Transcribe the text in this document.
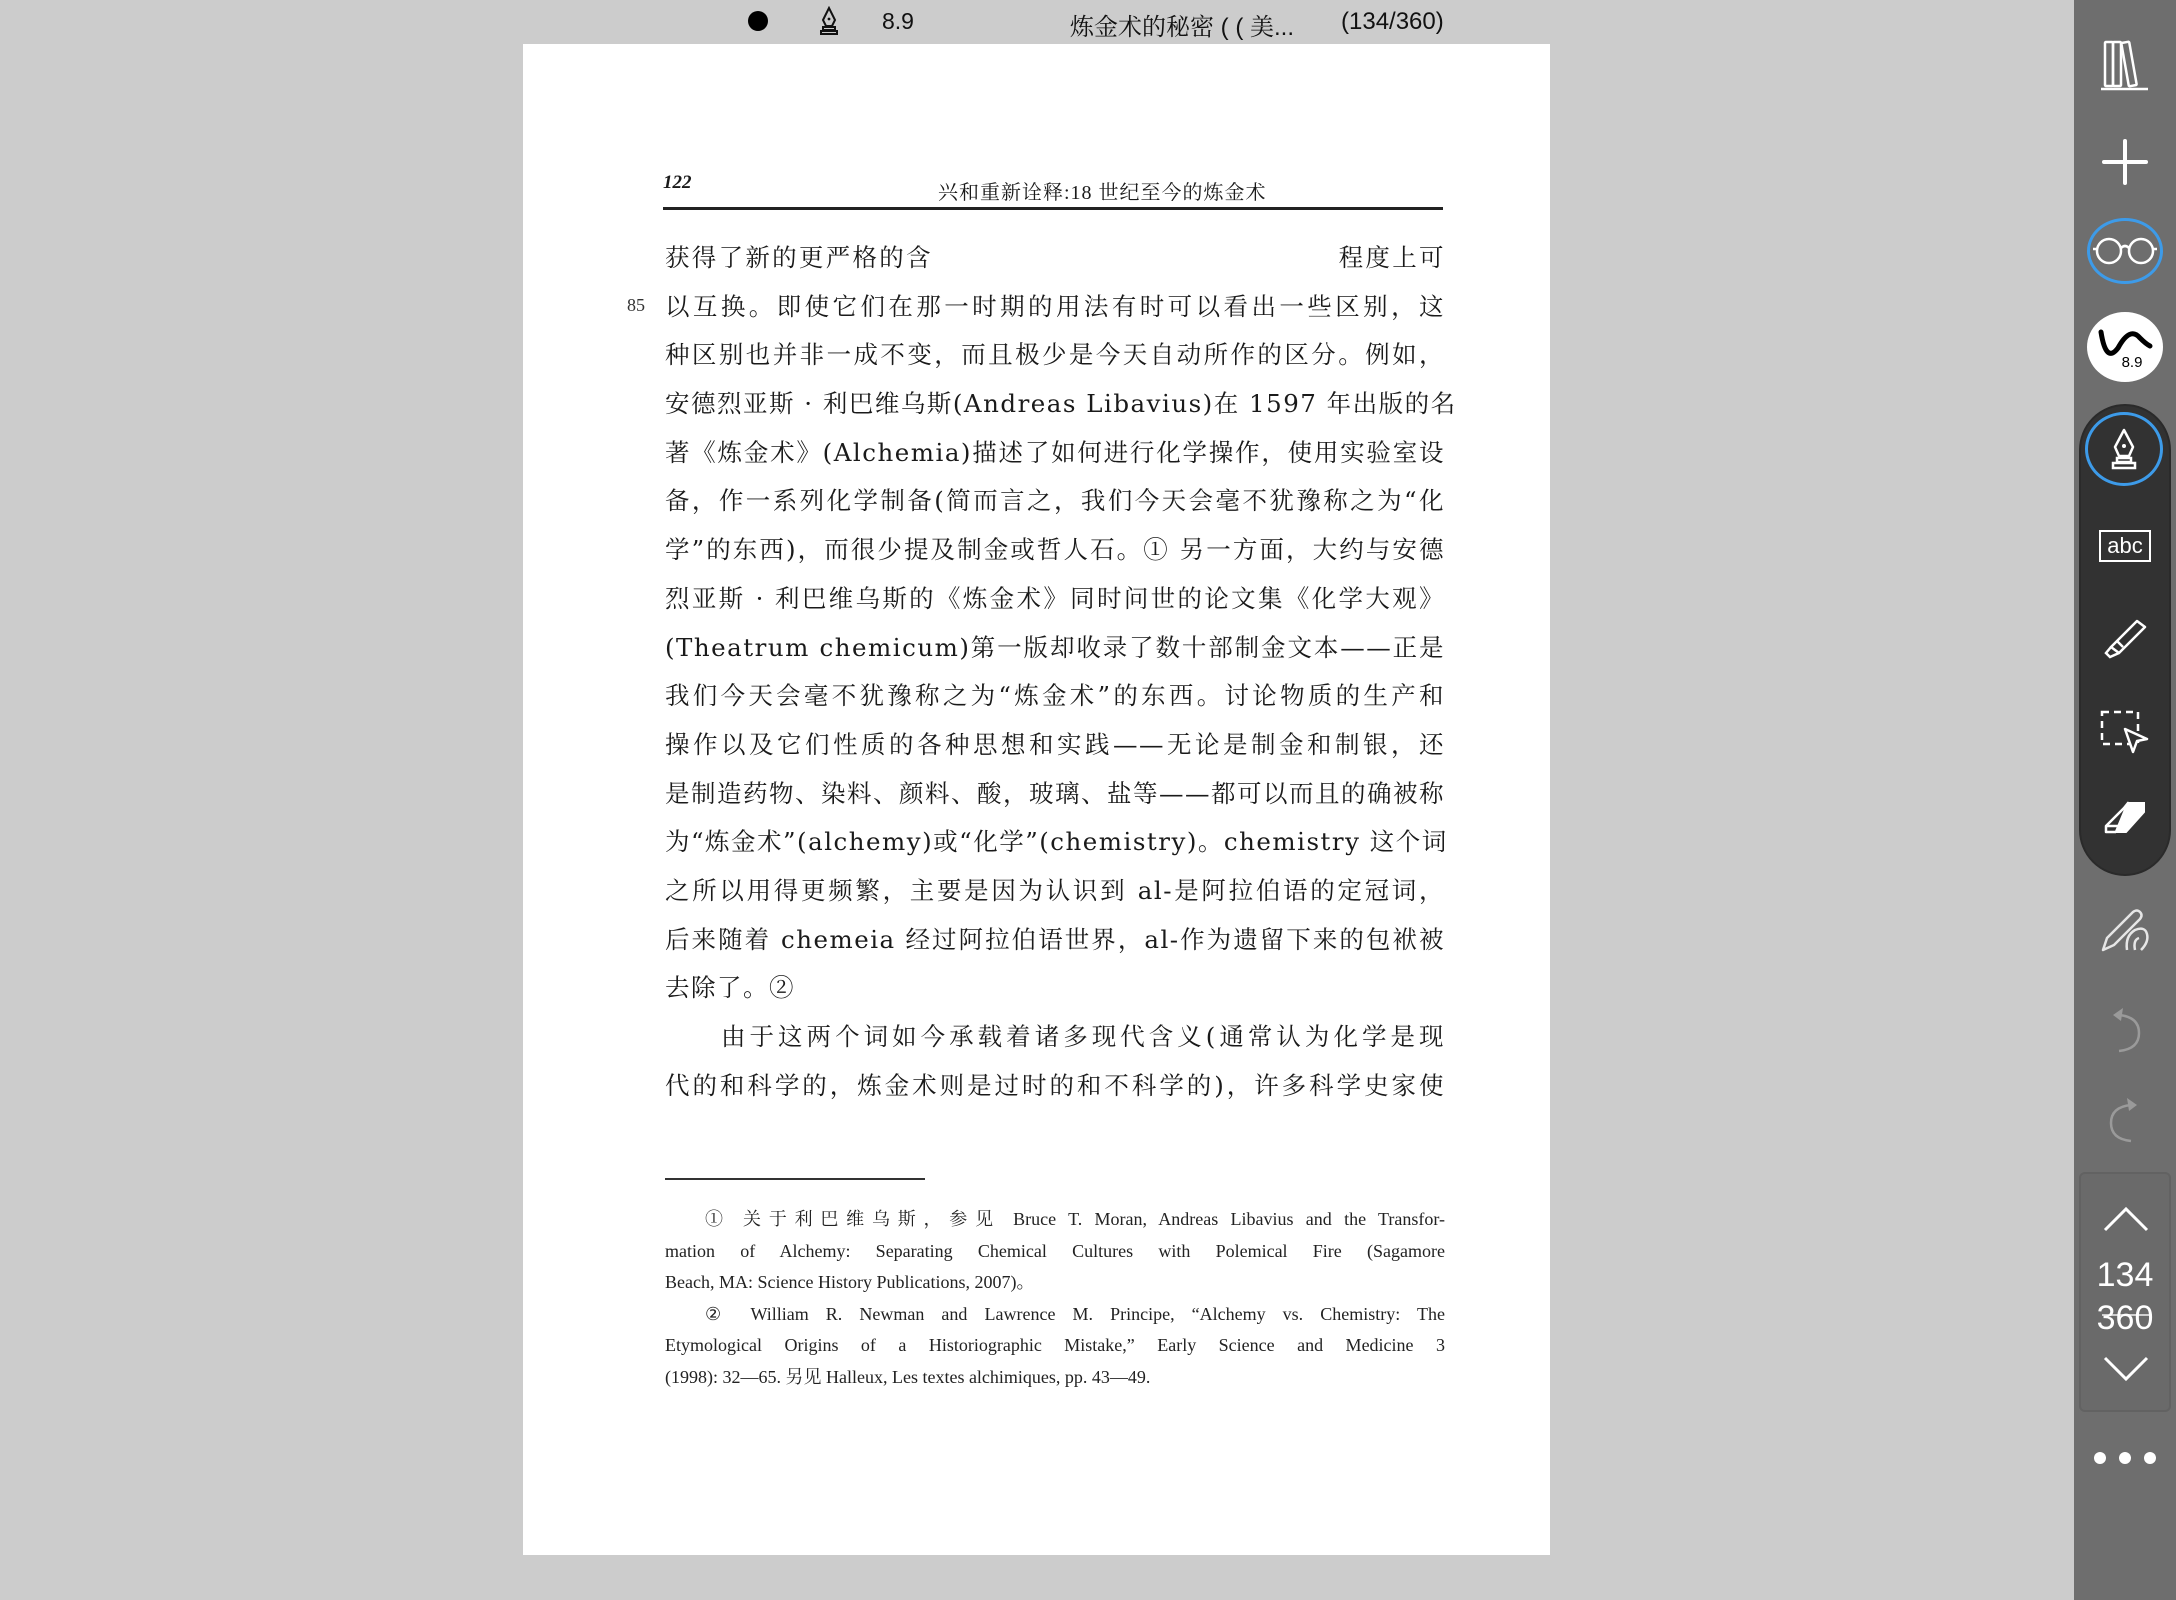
8.9	炼金术的秘密 ( ( 美... (134/360)
122	兴和重新诠释:18 世纪至今的炼金术
85
获得了新的更严格的含	程度上可
以互换。即使它们在那一时期的用法有时可以看出一些区别，这
种区别也并非一成不变，而且极少是今天自动所作的区分。例如，
安德烈亚斯 · 利巴维乌斯(Andreas Libavius)在 1597 年出版的名
著《炼金术》(Alchemia)描述了如何进行化学操作，使用实验室设
备，作一系列化学制备(简而言之，我们今天会毫不犹豫称之为“化
学”的东西)，而很少提及制金或哲人石。① 另一方面，大约与安德
烈亚斯 · 利巴维乌斯的《炼金术》同时问世的论文集《化学大观》
(Theatrum chemicum)第一版却收录了数十部制金文本——正是
我们今天会毫不犹豫称之为“炼金术”的东西。讨论物质的生产和
操作以及它们性质的各种思想和实践——无论是制金和制银，还
是制造药物、染料、颜料、酸，玻璃、盐等——都可以而且的确被称
为“炼金术”(alchemy)或“化学”(chemistry)。chemistry 这个词
之所以用得更频繁，主要是因为认识到 al-是阿拉伯语的定冠词，
后来随着 chemeia 经过阿拉伯语世界，al-作为遗留下来的包袱被
去除了。②
由于这两个词如今承载着诸多现代含义(通常认为化学是现
代的和科学的，炼金术则是过时的和不科学的)，许多科学史家使
① 关于利巴维乌斯，参见 Bruce T. Moran, Andreas Libavius and the Transfor-
mation of Alchemy: Separating Chemical Cultures with Polemical Fire (Sagamore
Beach, MA: Science History Publications, 2007)。
② William R. Newman and Lawrence M. Principe, “Alchemy vs. Chemistry: The
Etymological Origins of a Historiographic Mistake,” Early Science and Medicine 3
(1998): 32—65. 另见 Halleux, Les textes alchimiques, pp. 43—49.
8.9
abc
134
360
